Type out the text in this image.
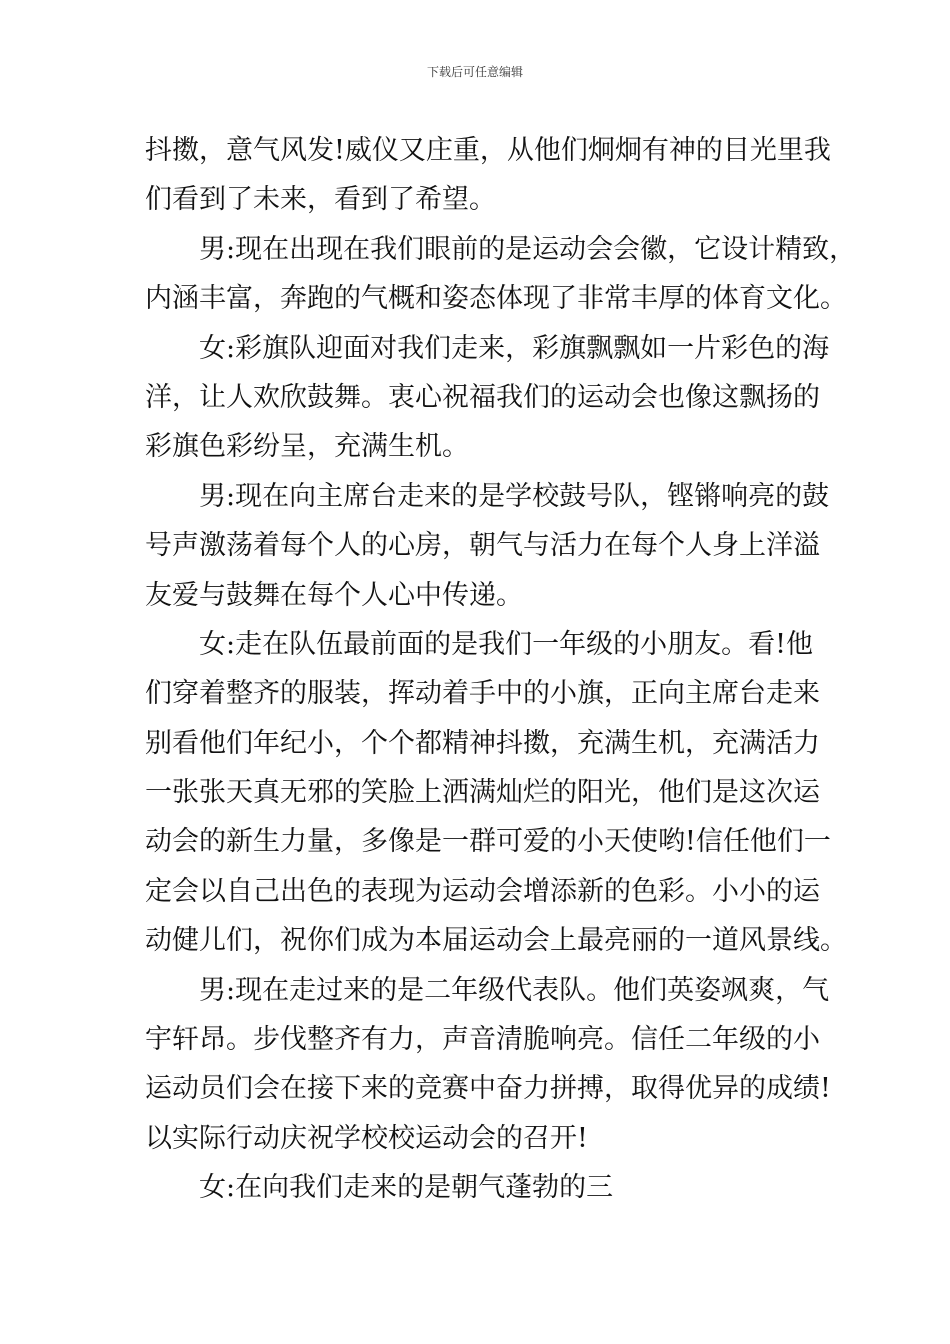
下载后可任意编辑
抖擞，意气风发!威仪又庄重，从他们炯炯有神的目光里我
们看到了未来，看到了希望。
男:现在出现在我们眼前的是运动会会徽，它设计精致，
内涵丰富，奔跑的气概和姿态体现了非常丰厚的体育文化。
女:彩旗队迎面对我们走来，彩旗飘飘如一片彩色的海
洋，让人欢欣鼓舞。衷心祝福我们的运动会也像这飘扬的
彩旗色彩纷呈，充满生机。
男:现在向主席台走来的是学校鼓号队，铿锵响亮的鼓
号声激荡着每个人的心房，朝气与活力在每个人身上洋溢
友爱与鼓舞在每个人心中传递。
女:走在队伍最前面的是我们一年级的小朋友。看!他
们穿着整齐的服装，挥动着手中的小旗，正向主席台走来
别看他们年纪小，个个都精神抖擞，充满生机，充满活力
一张张天真无邪的笑脸上洒满灿烂的阳光，他们是这次运
动会的新生力量，多像是一群可爱的小天使哟!信任他们一
定会以自己出色的表现为运动会增添新的色彩。小小的运
动健儿们，祝你们成为本届运动会上最亮丽的一道风景线。
男:现在走过来的是二年级代表队。他们英姿飒爽，气
宇轩昂。步伐整齐有力，声音清脆响亮。信任二年级的小
运动员们会在接下来的竞赛中奋力拼搏，取得优异的成绩!
以实际行动庆祝学校校运动会的召开!
女:在向我们走来的是朝气蓬勃的三
